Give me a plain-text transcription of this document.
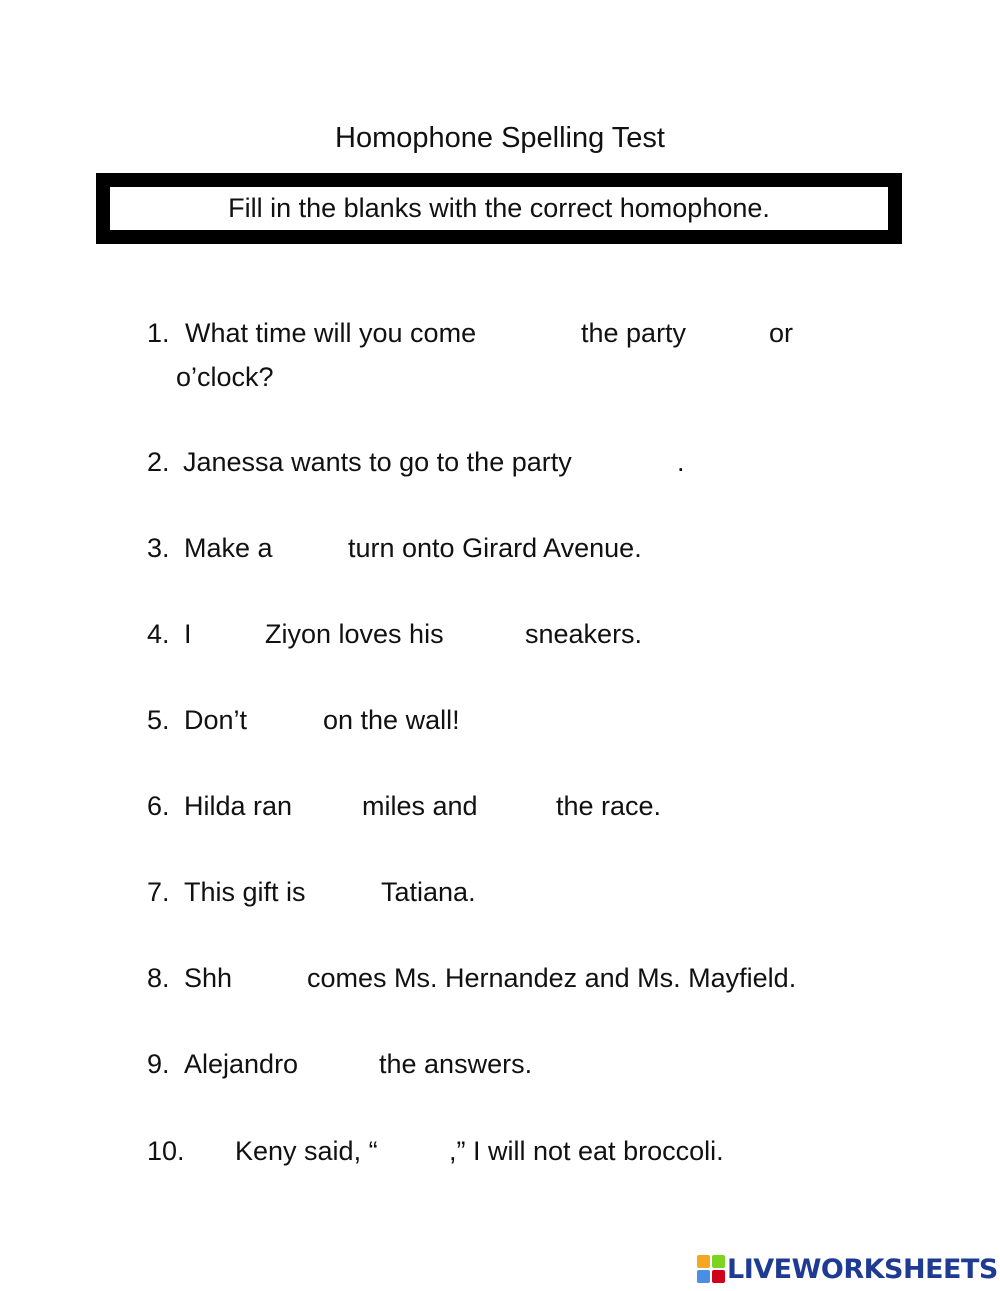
Homophone Spelling Test
Fill in the blanks with the correct homophone.
1. What time will you come	the party	or
o’clock?
2. Janessa wants to go to the party	.
3. Make a	turn onto Girard Avenue.
4. I	Ziyon loves his	sneakers.
5. Don’t	on the wall!
6. Hilda ran	miles and	the race.
7. This gift is	Tatiana.
8. Shh	comes Ms. Hernandez and Ms. Mayfield.
9. Alejandro	the answers.
10. Keny said, “	,” I will not eat broccoli.
LIVEWORKSHEETS
